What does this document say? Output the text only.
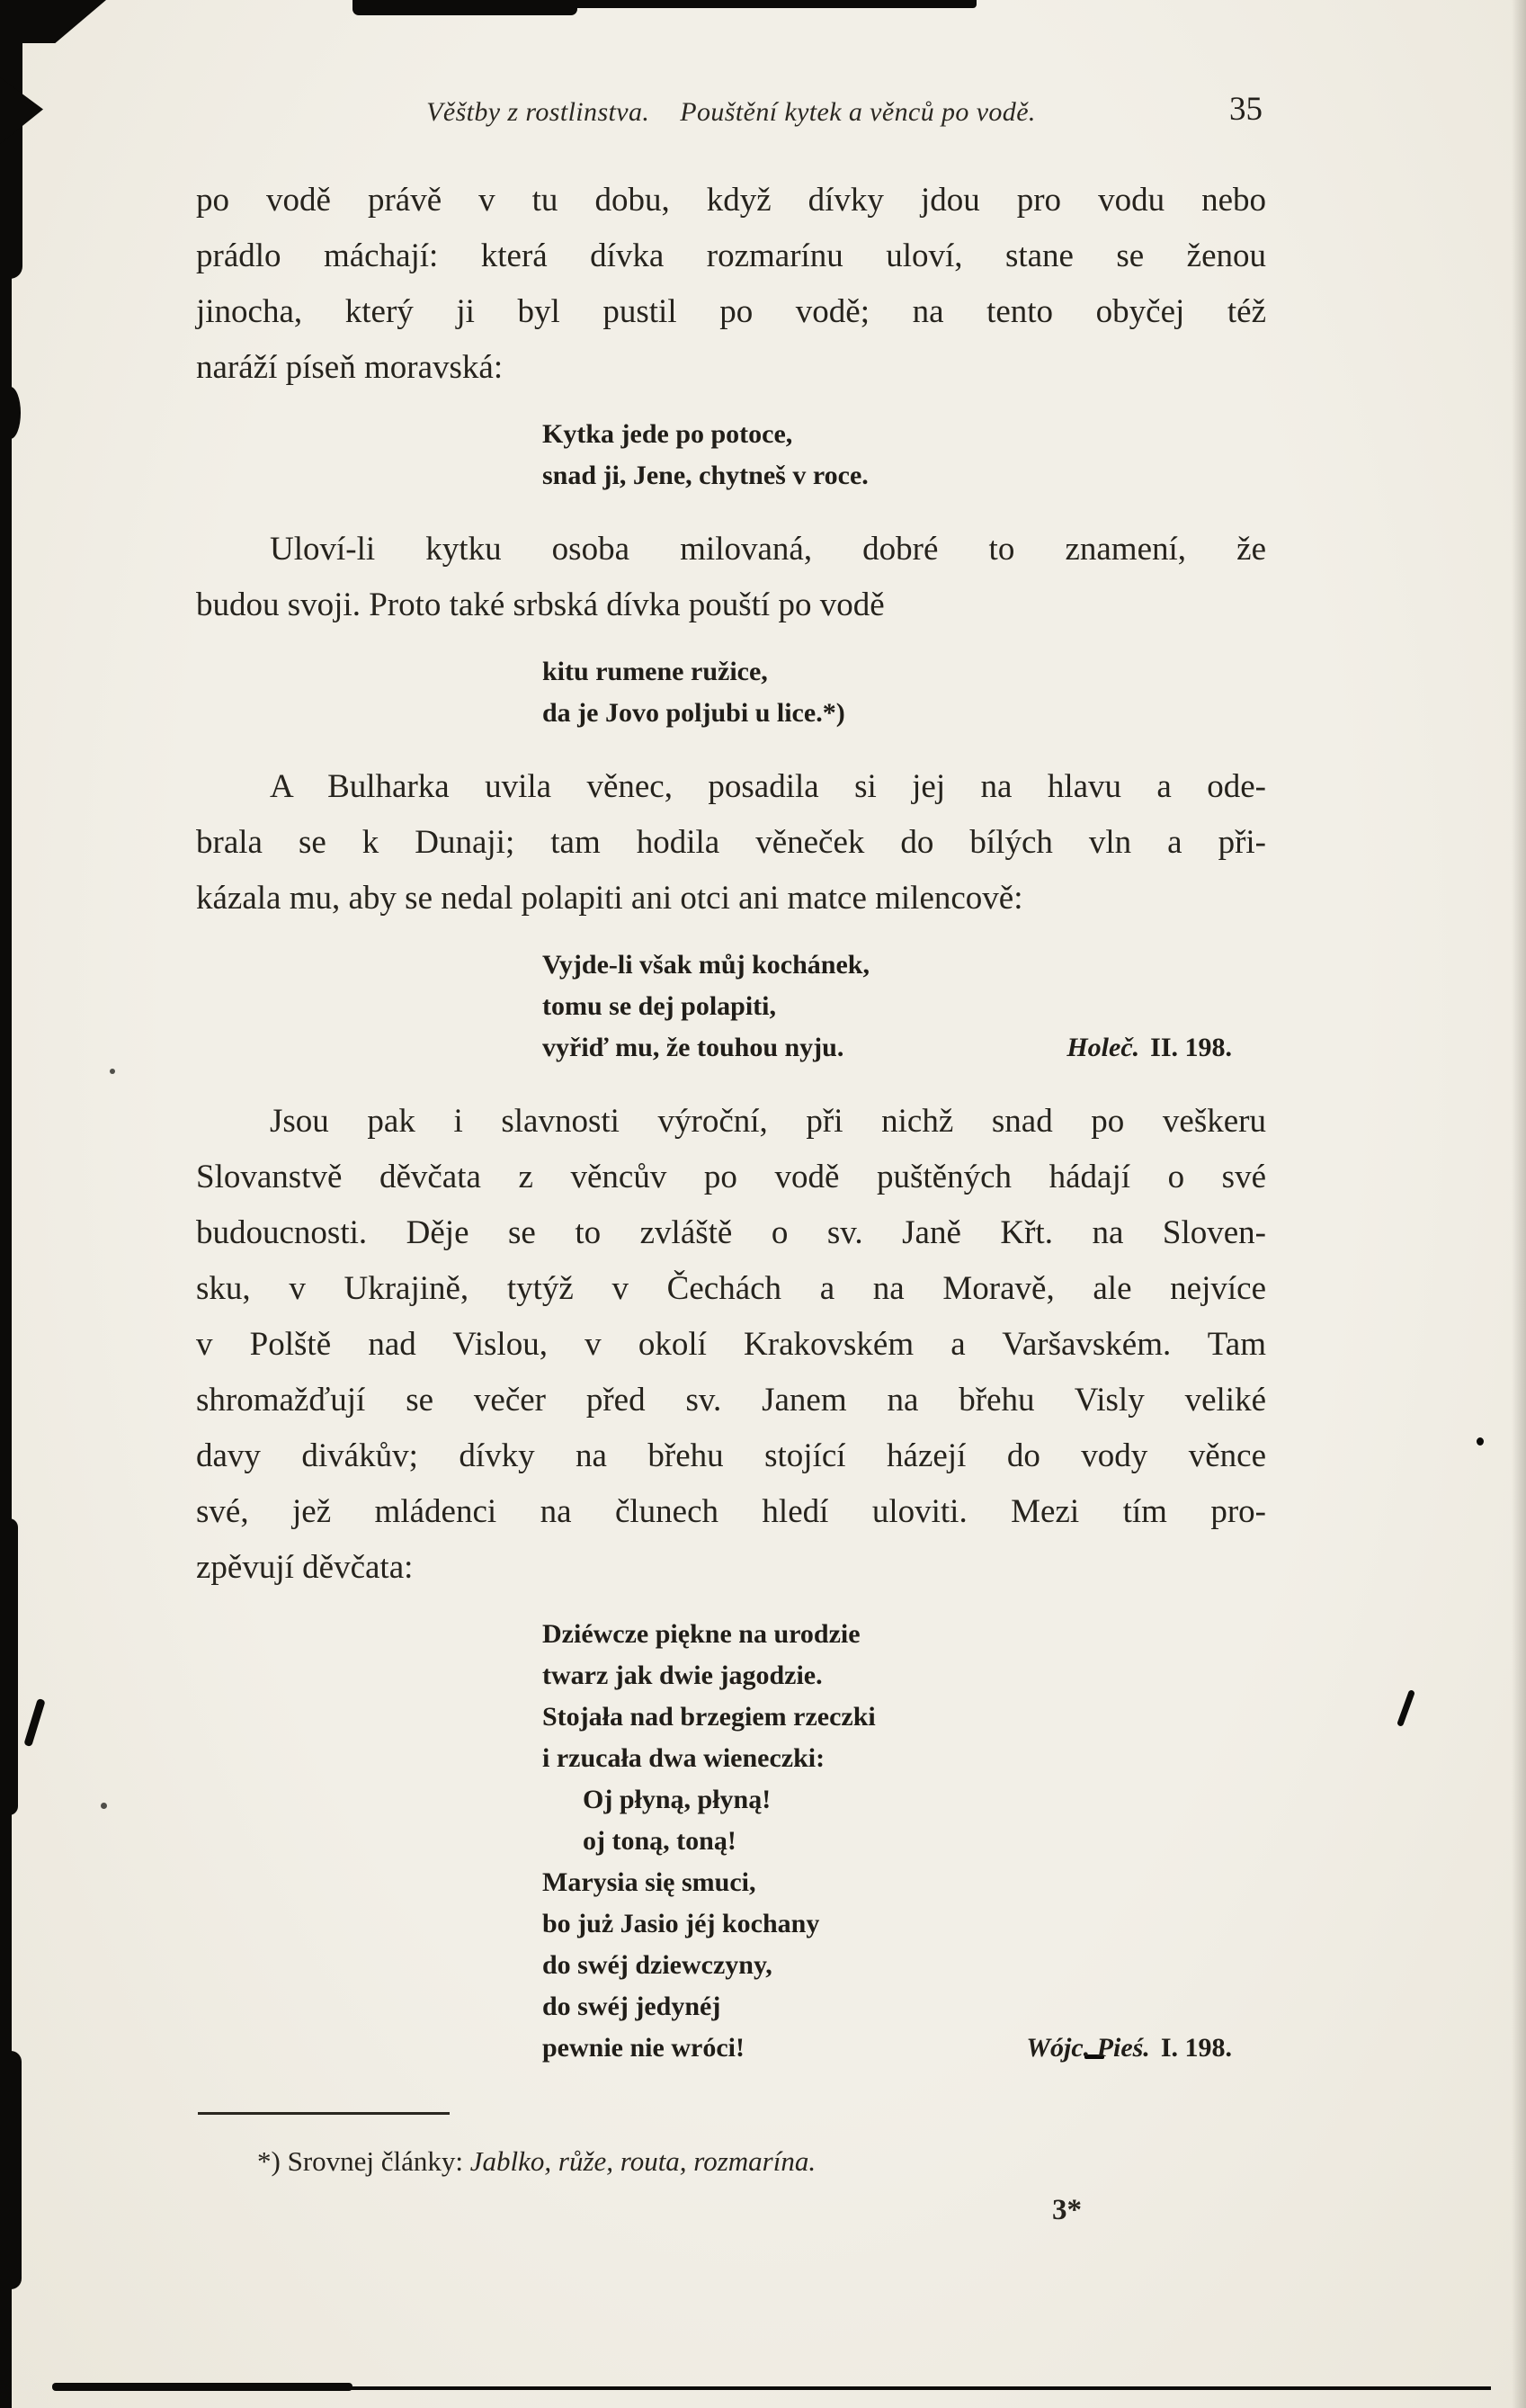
Věštby z rostlinstva. Pouštění kytek a věnců po vodě.	35
po vodě právě v tu dobu, když dívky jdou pro vodu nebo
prádlo máchají: která dívka rozmarínu uloví, stane se ženou
jinocha, který ji byl pustil po vodě; na tento obyčej též
naráží píseň moravská:
Kytka jede po potoce,
snad ji, Jene, chytneš v roce.
Uloví-li kytku osoba milovaná, dobré to znamení, že
budou svoji. Proto také srbská dívka pouští po vodě
kitu rumene ružice,
da je Jovo poljubi u lice.*)
A Bulharka uvila věnec, posadila si jej na hlavu a ode-
brala se k Dunaji; tam hodila věneček do bílých vln a při-
kázala mu, aby se nedal polapiti ani otci ani matce milencově:
Vyjde-li však můj kochánek,
tomu se dej polapiti,
vyřiď mu, že touhou nyju.	Holeč. II. 198.
Jsou pak i slavnosti výroční, při nichž snad po veškeru
Slovanstvě děvčata z věncův po vodě puštěných hádají o své
budoucnosti. Děje se to zvláště o sv. Janě Křt. na Sloven-
sku, v Ukrajině, tytýž v Čechách a na Moravě, ale nejvíce
v Polště nad Vislou, v okolí Krakovském a Varšavském. Tam
shromažďují se večer před sv. Janem na břehu Visly veliké
davy divákův; dívky na břehu stojící házejí do vody věnce
své, jež mládenci na člunech hledí uloviti. Mezi tím pro-
zpěvují děvčata:
Dziéwcze piękne na urodzie
twarz jak dwie jagodzie.
Stojała nad brzegiem rzeczki
i rzucała dwa wieneczki:
Oj płyną, płyną!
oj toną, toną!
Marysia się smuci,
bo już Jasio jéj kochany
do swéj dziewczyny,
do swéj jedynéj
pewnie nie wróci!	Wójc. Pieś. I. 198.
*) Srovnej články: Jablko, růže, routa, rozmarína.
3*
